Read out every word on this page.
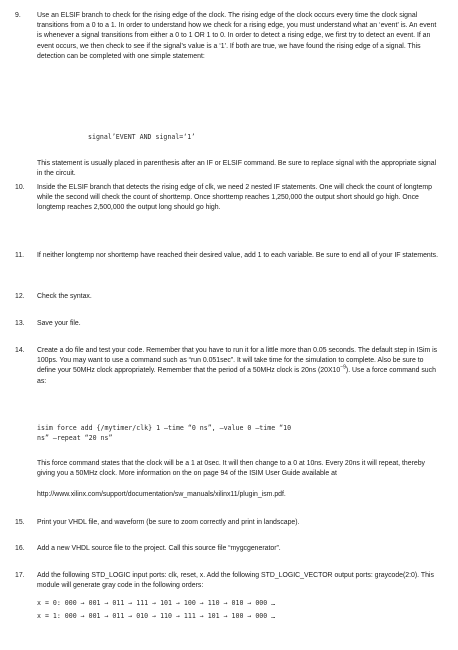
9.	Use an ELSIF branch to check for the rising edge of the clock. The rising edge of the clock occurs every time the clock signal transitions from a 0 to a 1. In order to understand how we check for a rising edge, you must understand what an ‘event’ is. An event is whenever a signal transitions from either a 0 to 1 OR 1 to 0. In order to detect a rising edge, we first try to detect an event. If an event occurs, we then check to see if the signal’s value is a ‘1’. If both are true, we have found the rising edge of a signal. This detection can be completed with one simple statement:

signal’EVENT AND signal=‘1’

This statement is usually placed in parenthesis after an IF or ELSIF command. Be sure to replace signal with the appropriate signal in the circuit.

10.	Inside the ELSIF branch that detects the rising edge of clk, we need 2 nested IF statements. One will check the count of longtemp while the second will check the count of shorttemp. Once shorttemp reaches 1,250,000 the output short should go high. Once longtemp reaches 2,500,000 the output long should go high.

11.	If neither longtemp nor shorttemp have reached their desired value, add 1 to each variable. Be sure to end all of your IF statements.

12.	Check the syntax.

13.	Save your file.

14.	Create a do file and test your code. Remember that you have to run it for a little more than 0.05 seconds. The default step in ISim is 100ps. You may want to use a command such as “run 0.051sec”. It will take time for the simulation to complete. Also be sure to define your 50MHz clock appropriately. Remember that the period of a 50MHz clock is 20ns $(20X10^{-9})$. Use a force command such as:

isim force add {/mytimer/clk} 1 –time “0 ns”, –value 0 –time “10
ns” –repeat “20 ns”

This force command states that the clock will be a 1 at 0sec. It will then change to a 0 at 10ns. Every 20ns it will repeat, thereby giving you a 50MHz clock. More information on the on page 94 of the ISIM User Guide available at

http://www.xilinx.com/support/documentation/sw_manuals/xilinx11/plugin_ism.pdf.
15.	Print your VHDL file, and waveform (be sure to zoom correctly and print in landscape).

16.	Add a new VHDL source file to the project. Call this source file “mygcgenerator”.

17.	Add the following STD_LOGIC input ports: clk, reset, x. Add the following STD_LOGIC_VECTOR output ports: graycode(2:0). This module will generate gray code in the following orders:

x = 0: 000 → 001 → 011 → 111 → 101 → 100 → 110 → 010 → 000 …
x = 1: 000 → 001 → 011 → 010 → 110 → 111 → 101 → 100 → 000 …
